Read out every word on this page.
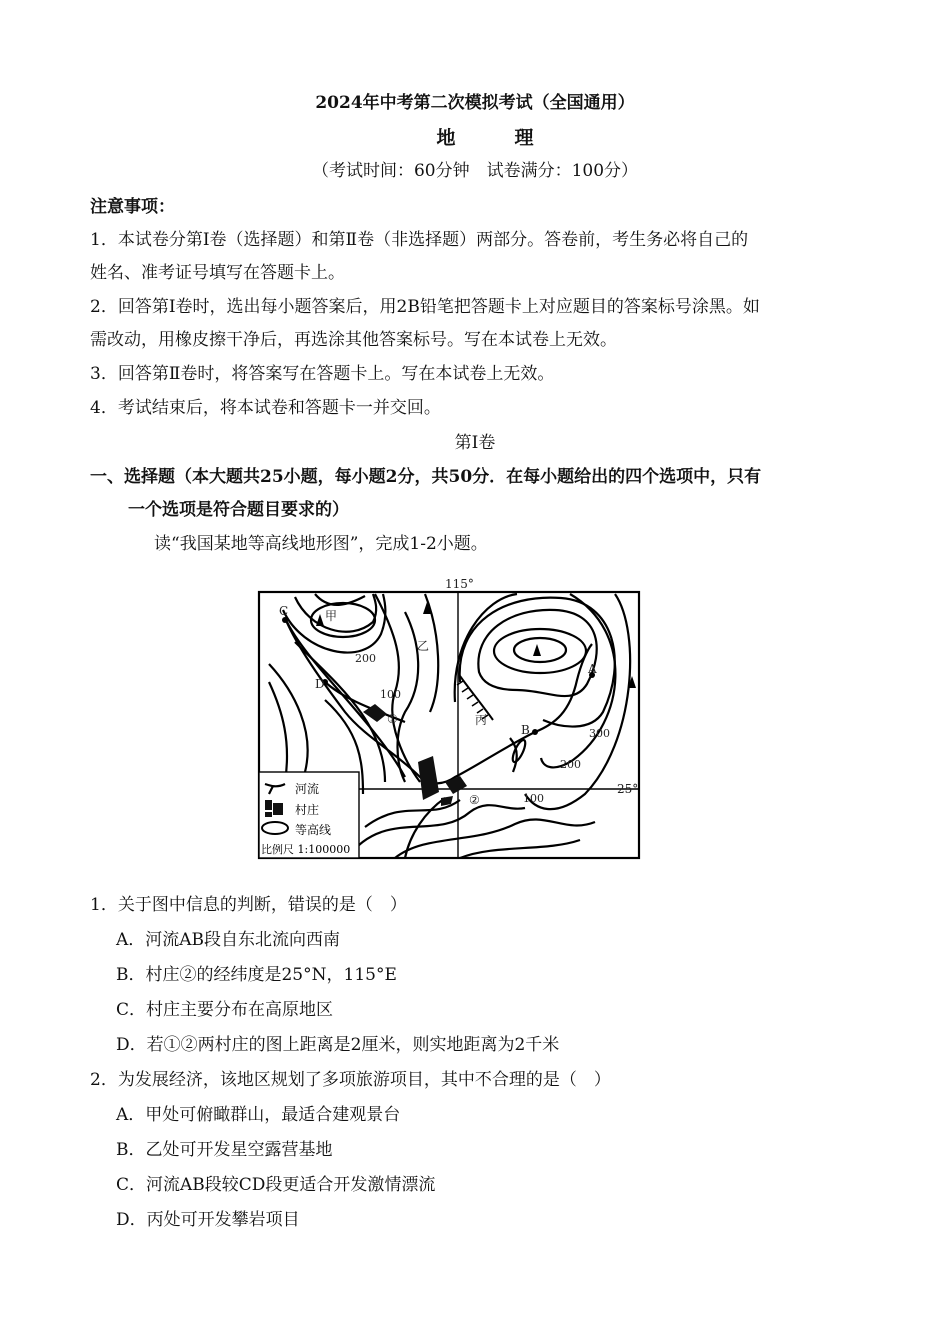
2024年中考第二次模拟考试（全国通用）
地　理
（考试时间：60分钟　试卷满分：100分）
注意事项：
1．本试卷分第Ⅰ卷（选择题）和第Ⅱ卷（非选择题）两部分。答卷前，考生务必将自己的
姓名、准考证号填写在答题卡上。
2．回答第Ⅰ卷时，选出每小题答案后，用2B铅笔把答题卡上对应题目的答案标号涂黑。如
需改动，用橡皮擦干净后，再选涂其他答案标号。写在本试卷上无效。
3．回答第Ⅱ卷时，将答案写在答题卡上。写在本试卷上无效。
4．考试结束后，将本试卷和答题卡一并交回。
第Ⅰ卷
一、选择题（本大题共25小题，每小题2分，共50分．在每小题给出的四个选项中，只有
一个选项是符合题目要求的）
读“我国某地等高线地形图”，完成1-2小题。
115°
25°
C
D
B
A
甲
乙
丙
①
②
200
100
300
200
100
河流
村庄
等高线
比例尺 1:100000
1．关于图中信息的判断，错误的是（　）
A．河流AB段自东北流向西南
B．村庄②的经纬度是25°N，115°E
C．村庄主要分布在高原地区
D．若①②两村庄的图上距离是2厘米，则实地距离为2千米
2．为发展经济，该地区规划了多项旅游项目，其中不合理的是（　）
A．甲处可俯瞰群山，最适合建观景台
B．乙处可开发星空露营基地
C．河流AB段较CD段更适合开发激情漂流
D．丙处可开发攀岩项目
